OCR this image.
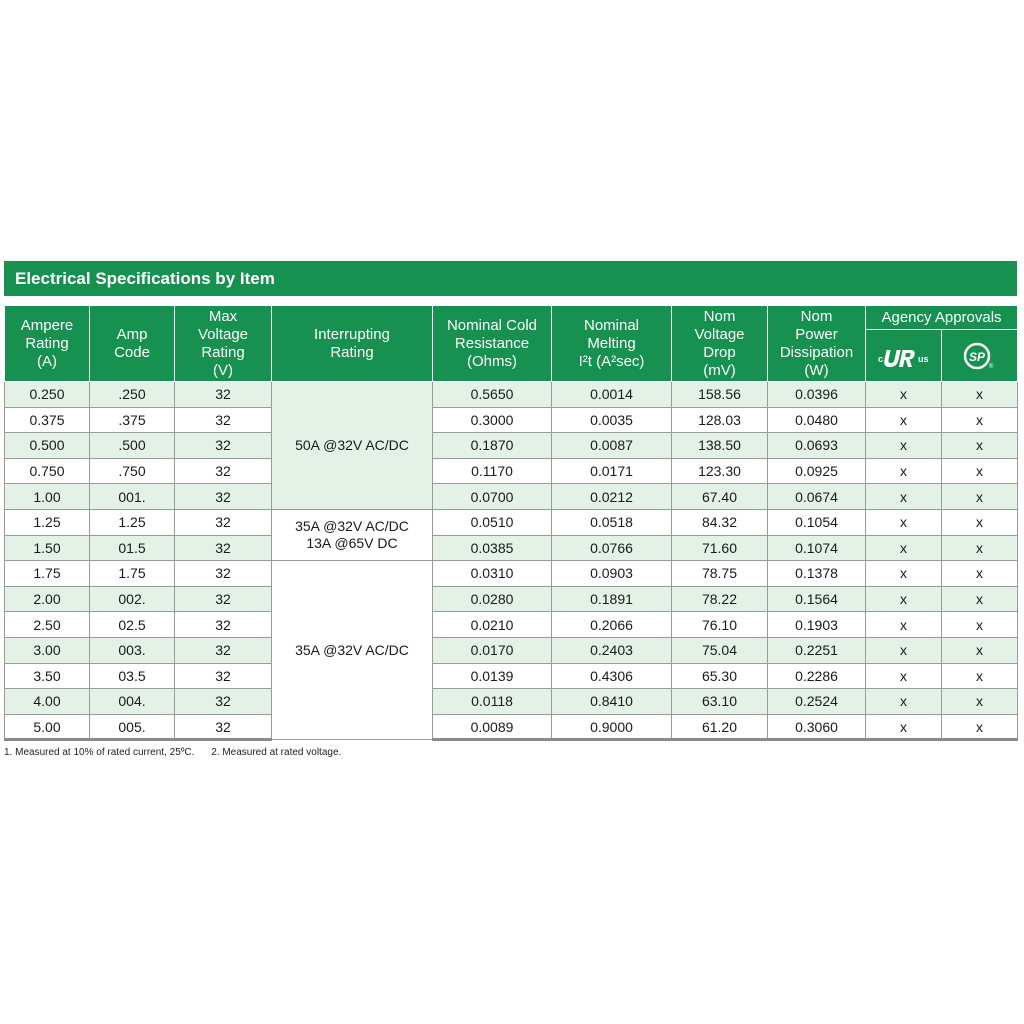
Electrical Specifications by Item
Ampere
Rating
(A)	Amp
Code	Max
Voltage
Rating
(V)	Interrupting
Rating	Nominal Cold
Resistance
(Ohms)	Nominal
Melting
I²t (A²sec)	Nom
Voltage
Drop
(mV)	Nom
Power
Dissipation
(W)	Agency Approvals	

c us	SP
®

0.250	.250	32	50A @32V AC/DC	0.5650	0.0014	158.56	0.0396	x	x
0.375	.375	32		0.3000	0.0035	128.03	0.0480	x	x
0.500	.500	32		0.1870	0.0087	138.50	0.0693	x	x
0.750	.750	32		0.1170	0.0171	123.30	0.0925	x	x
1.00	001.	32		0.0700	0.0212	67.40	0.0674	x	x
1.25	1.25	32	35A @32V AC/DC
13A @65V DC	0.0510	0.0518	84.32	0.1054	x	x
1.50	01.5	32		0.0385	0.0766	71.60	0.1074	x	x
1.75	1.75	32	35A @32V AC/DC	0.0310	0.0903	78.75	0.1378	x	x
2.00	002.	32		0.0280	0.1891	78.22	0.1564	x	x
2.50	02.5	32		0.0210	0.2066	76.10	0.1903	x	x
3.00	003.	32		0.0170	0.2403	75.04	0.2251	x	x
3.50	03.5	32		0.0139	0.4306	65.30	0.2286	x	x
4.00	004.	32		0.0118	0.8410	63.10	0.2524	x	x
5.00	005.	32		0.0089	0.9000	61.20	0.3060	x	x
1. Measured at 10% of rated current, 25ºC. 2. Measured at rated voltage.
